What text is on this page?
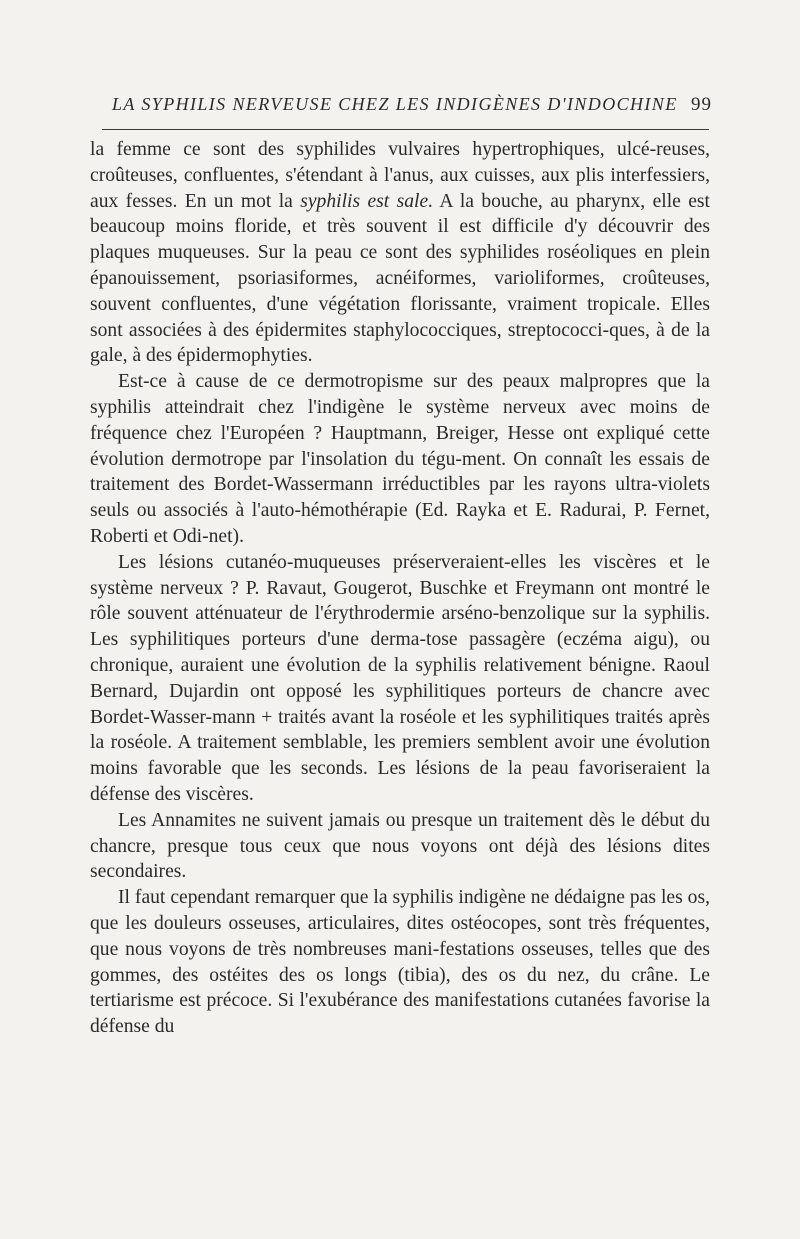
LA SYPHILIS NERVEUSE CHEZ LES INDIGÈNES D'INDOCHINE 99

la femme ce sont des syphilides vulvaires hypertrophiques, ulcé-reuses, croûteuses, confluentes, s'étendant à l'anus, aux cuisses, aux plis interfessiers, aux fesses. En un mot la syphilis est sale. A la bouche, au pharynx, elle est beaucoup moins floride, et très souvent il est difficile d'y découvrir des plaques muqueuses. Sur la peau ce sont des syphilides roséoliques en plein épanouissement, psoriasiformes, acnéiformes, varioliformes, croûteuses, souvent confluentes, d'une végétation florissante, vraiment tropicale. Elles sont associées à des épidermites staphylococciques, streptococci-ques, à de la gale, à des épidermophyties.

Est-ce à cause de ce dermotropisme sur des peaux malpropres que la syphilis atteindrait chez l'indigène le système nerveux avec moins de fréquence chez l'Européen ? Hauptmann, Breiger, Hesse ont expliqué cette évolution dermotrope par l'insolation du tégu-ment. On connaît les essais de traitement des Bordet-Wassermann irréductibles par les rayons ultra-violets seuls ou associés à l'auto-hémothérapie (Ed. Rayka et E. Radurai, P. Fernet, Roberti et Odi-net).

Les lésions cutanéo-muqueuses préserveraient-elles les viscères et le système nerveux ? P. Ravaut, Gougerot, Buschke et Freymann ont montré le rôle souvent atténuateur de l'érythrodermie arséno-benzolique sur la syphilis. Les syphilitiques porteurs d'une derma-tose passagère (eczéma aigu), ou chronique, auraient une évolution de la syphilis relativement bénigne. Raoul Bernard, Dujardin ont opposé les syphilitiques porteurs de chancre avec Bordet-Wasser-mann + traités avant la roséole et les syphilitiques traités après la roséole. A traitement semblable, les premiers semblent avoir une évolution moins favorable que les seconds. Les lésions de la peau favoriseraient la défense des viscères.

Les Annamites ne suivent jamais ou presque un traitement dès le début du chancre, presque tous ceux que nous voyons ont déjà des lésions dites secondaires.

Il faut cependant remarquer que la syphilis indigène ne dédaigne pas les os, que les douleurs osseuses, articulaires, dites ostéocopes, sont très fréquentes, que nous voyons de très nombreuses mani-festations osseuses, telles que des gommes, des ostéites des os longs (tibia), des os du nez, du crâne. Le tertiarisme est précoce. Si l'exubérance des manifestations cutanées favorise la défense du
